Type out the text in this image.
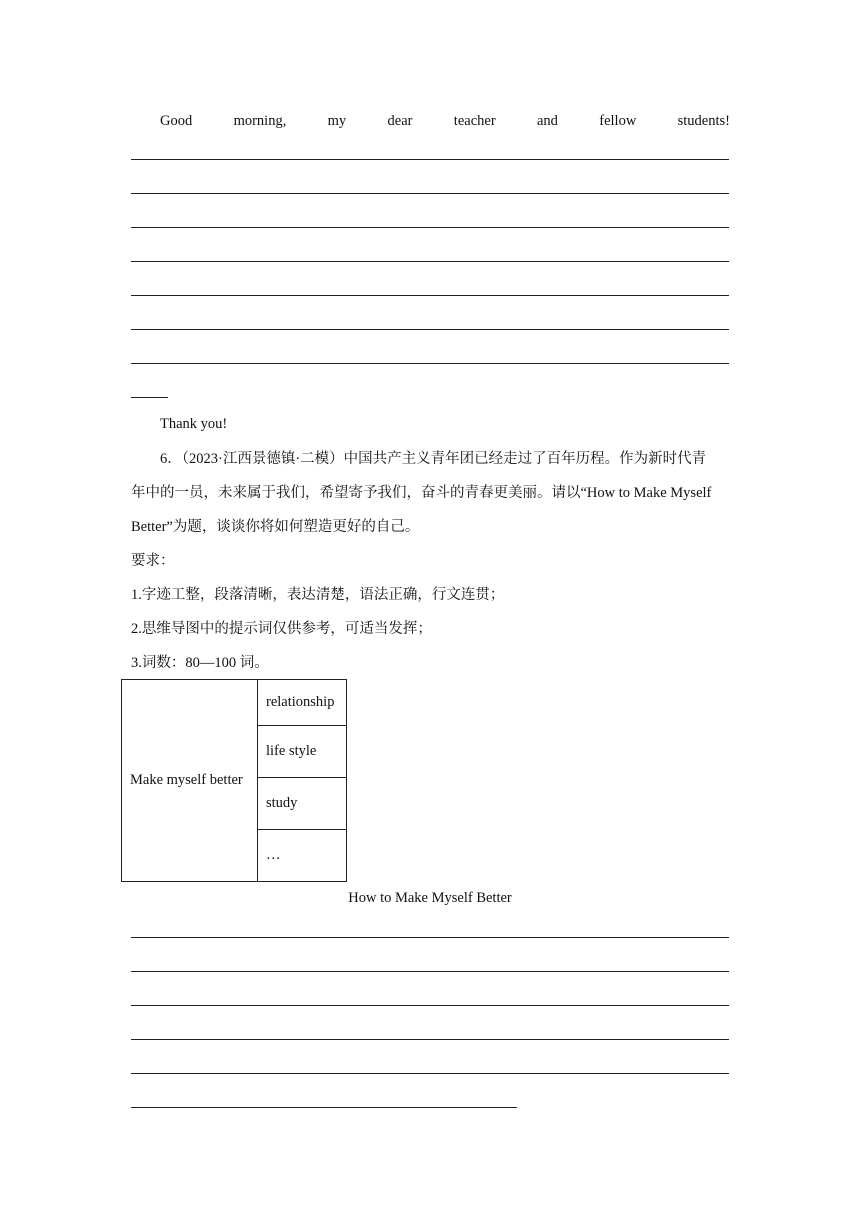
Good	morning,	my	dear	teacher	and	fellow	students!
Thank you!
6．（2023·江西景德镇·二模）中国共产主义青年团已经走过了百年历程。作为新时代青
年中的一员，未来属于我们，希望寄予我们，奋斗的青春更美丽。请以“How to Make Myself
Better”为题，谈谈你将如何塑造更好的自己。
要求：
1.字迹工整，段落清晰，表达清楚，语法正确，行文连贯；
2.思维导图中的提示词仅供参考，可适当发挥；
3.词数：80—100 词。
Make myself better	relationship
life style
study
…
How to Make Myself Better
